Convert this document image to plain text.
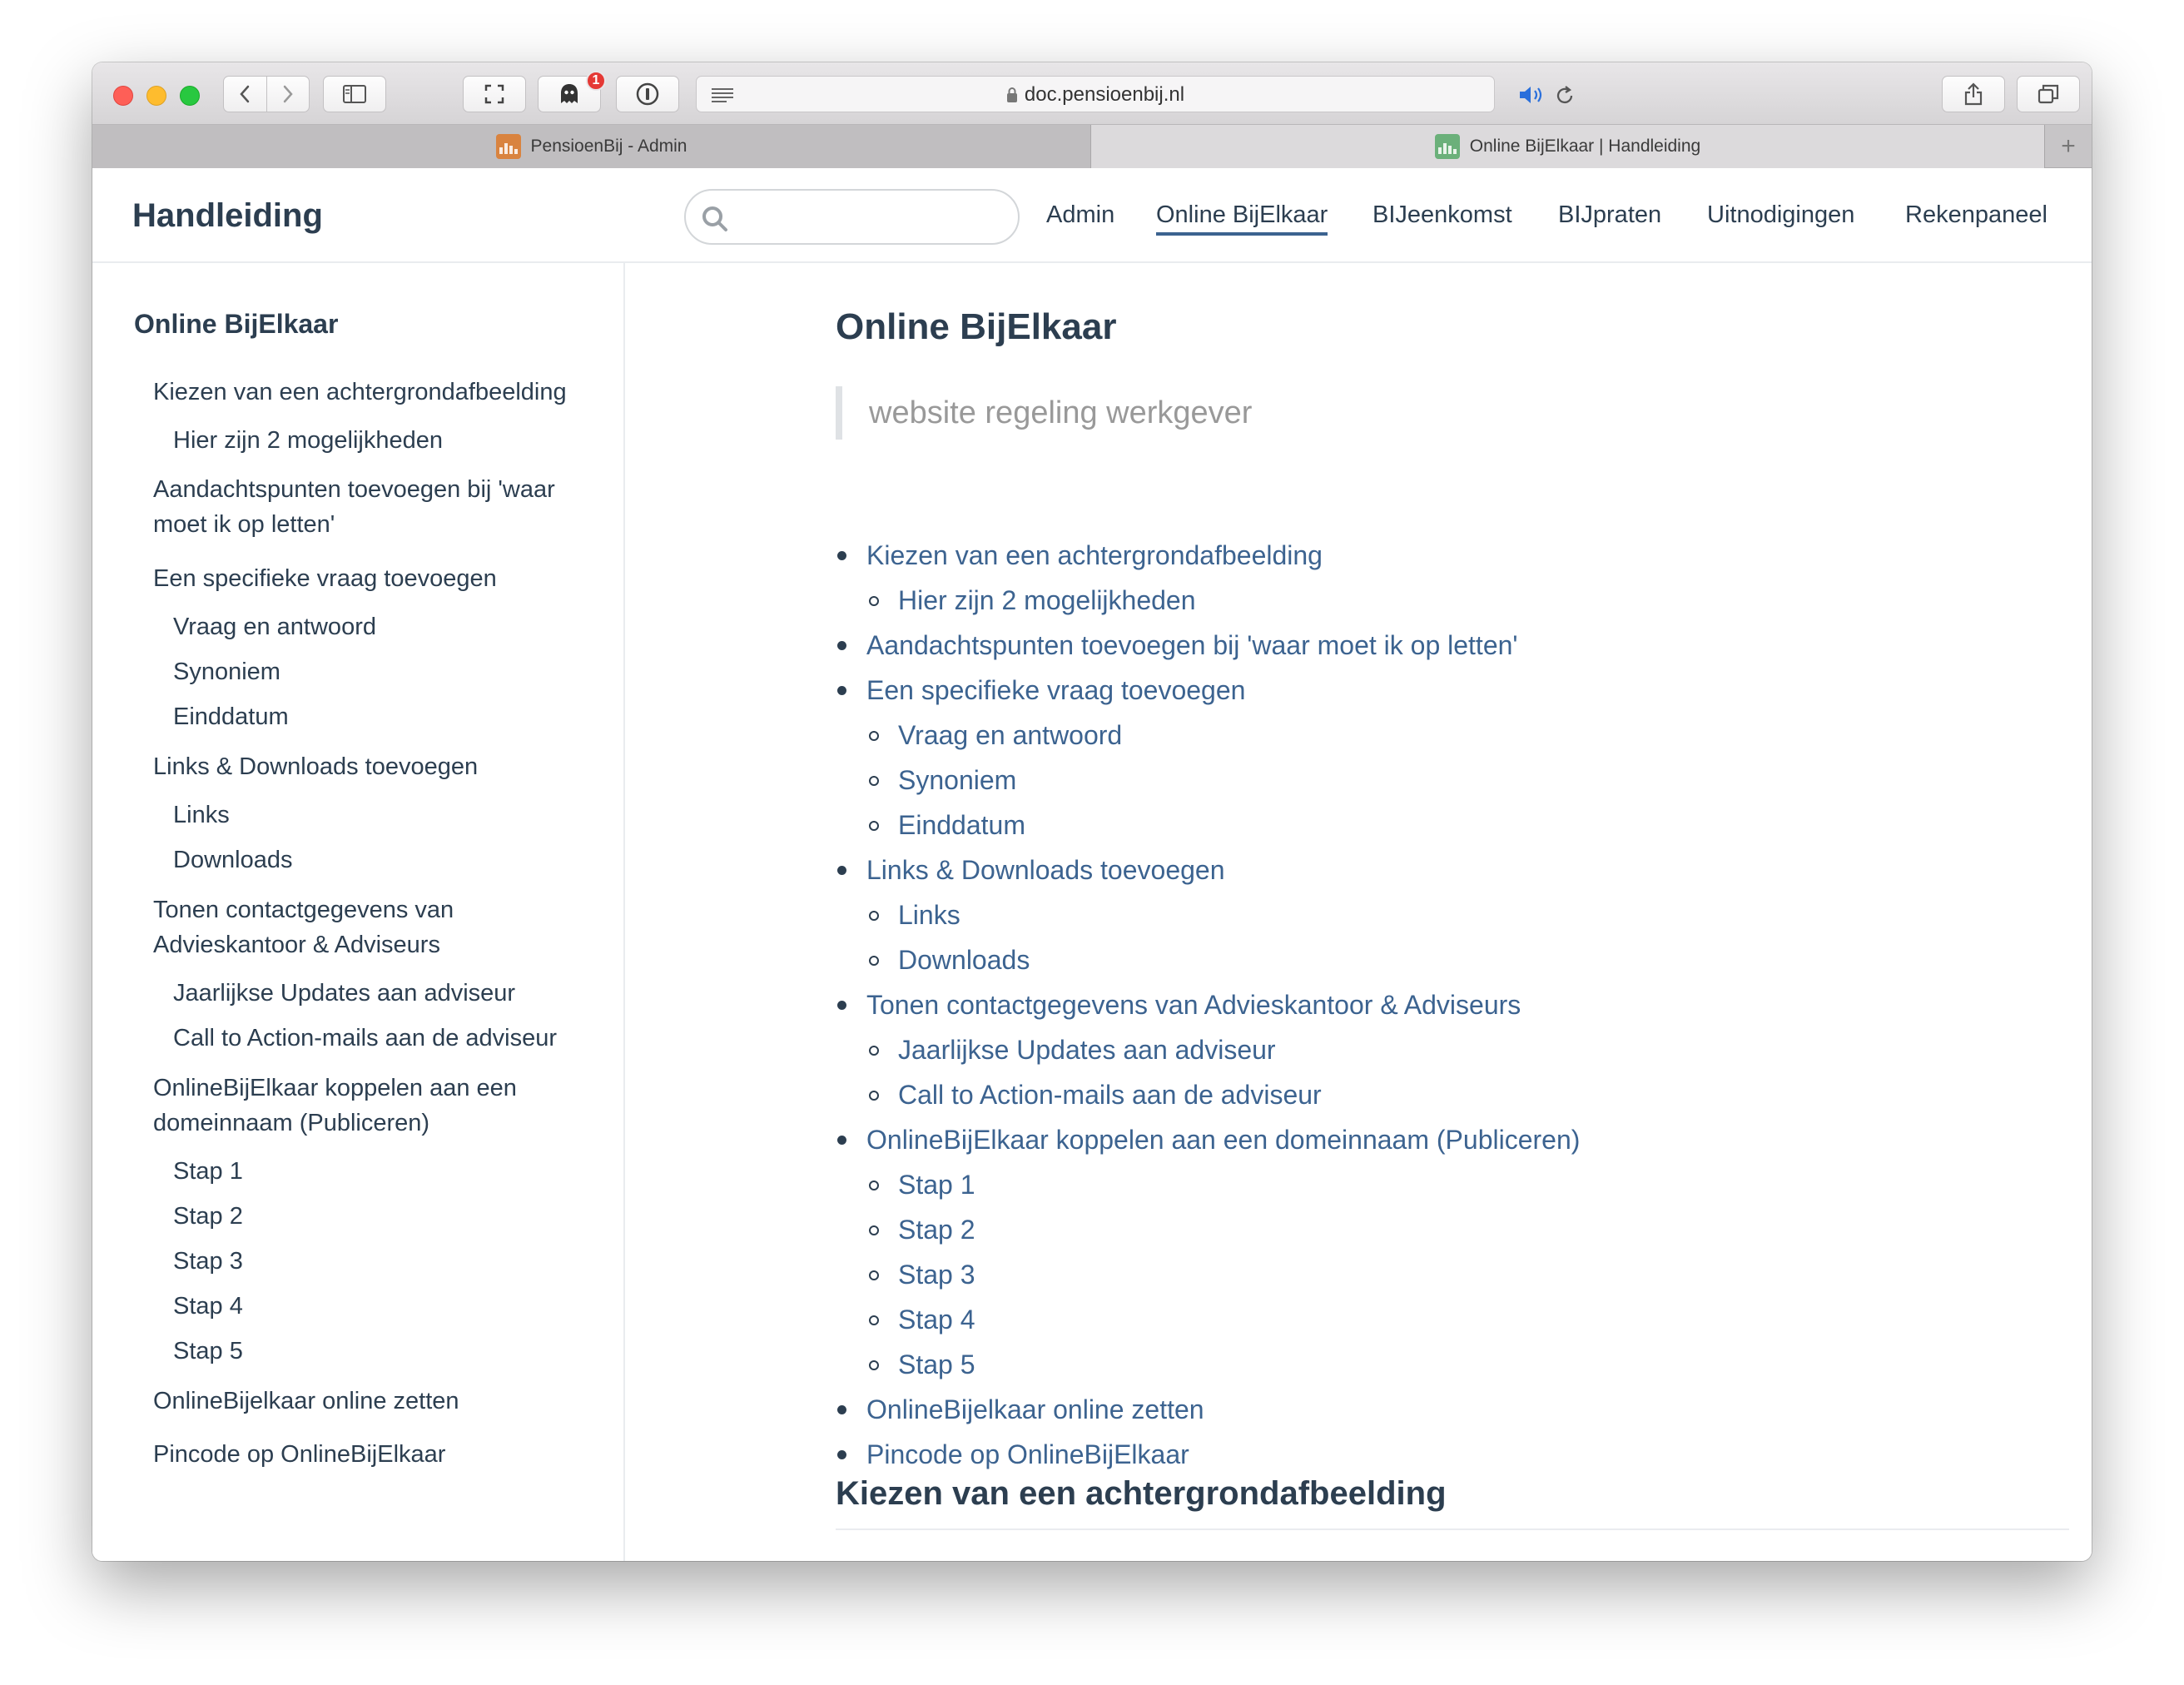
1
doc.pensioenbij.nl
PensioenBij - Admin	Online BijElkaar | Handleiding	+
Handleiding	Admin Online BijElkaar BIJeenkomst BIJpraten Uitnodigingen Rekenpaneel
Online BijElkaar
Kiezen van een achtergrondafbeelding
Hier zijn 2 mogelijkheden
Aandachtspunten toevoegen bij 'waar moet ik op letten'
Een specifieke vraag toevoegen
Vraag en antwoord
Synoniem
Einddatum
Links & Downloads toevoegen
Links
Downloads
Tonen contactgegevens van Advieskantoor & Adviseurs
Jaarlijkse Updates aan adviseur
Call to Action-mails aan de adviseur
OnlineBijElkaar koppelen aan een domeinnaam (Publiceren)
Stap 1
Stap 2
Stap 3
Stap 4
Stap 5
OnlineBijelkaar online zetten
Pincode op OnlineBijElkaar
Online BijElkaar
website regeling werkgever
Kiezen van een achtergrondafbeelding
Hier zijn 2 mogelijkheden
Aandachtspunten toevoegen bij 'waar moet ik op letten'
Een specifieke vraag toevoegen
Vraag en antwoord
Synoniem
Einddatum
Links & Downloads toevoegen
Links
Downloads
Tonen contactgegevens van Advieskantoor & Adviseurs
Jaarlijkse Updates aan adviseur
Call to Action-mails aan de adviseur
OnlineBijElkaar koppelen aan een domeinnaam (Publiceren)
Stap 1
Stap 2
Stap 3
Stap 4
Stap 5
OnlineBijelkaar online zetten
Pincode op OnlineBijElkaar
Kiezen van een achtergrondafbeelding
